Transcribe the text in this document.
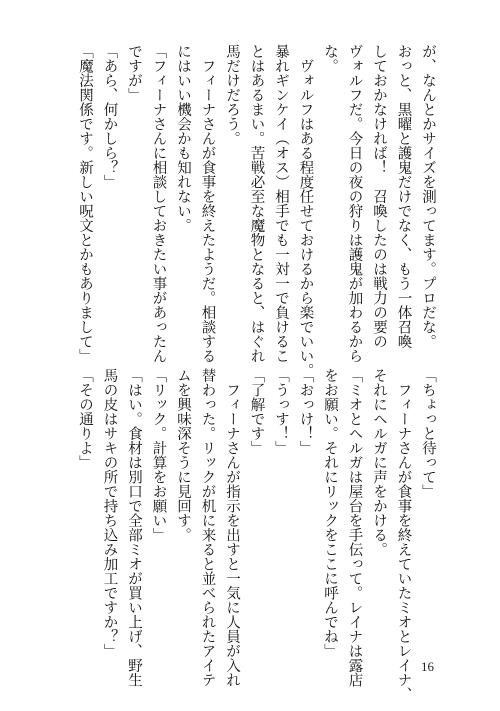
が、なんとかサイズを測ってます。プロだな。
おっと、黒曜と護鬼だけでなく、もう一体召喚
しておかなければ！　召喚したのは戦力の要の
ヴォルフだ。今日の夜の狩りは護鬼が加わるから
な。
　ヴォルフはある程度任せておけるから楽でいい。
暴れギンケイ（オス）相手でも一対一で負けるこ
とはあるまい。苦戦必至な魔物となると、はぐれ
馬だけだろう。
　フィーナさんが食事を終えたようだ。相談する
にはいい機会かも知れない。
「フィーナさんに相談しておきたい事があったん
ですが」
「あら、何かしら？」
「魔法関係です。新しい呪文とかもありまして」
「ちょっと待って」
　フィーナさんが食事を終えていたミオとレイナ、
それにヘルガに声をかける。
「ミオとヘルガは屋台を手伝って。レイナは露店
をお願い。それにリックをここに呼んでね」
「おっけ！」
「うっす！」
「了解です」
　フィーナさんが指示を出すと一気に人員が入れ
替わった。リックが机に来ると並べられたアイテ
ムを興味深そうに見回す。
「リック。計算をお願い」
「はい。食材は別口で全部ミオが買い上げ、野生
馬の皮はサキの所で持ち込み加工ですか？」
「その通りよ」
16
